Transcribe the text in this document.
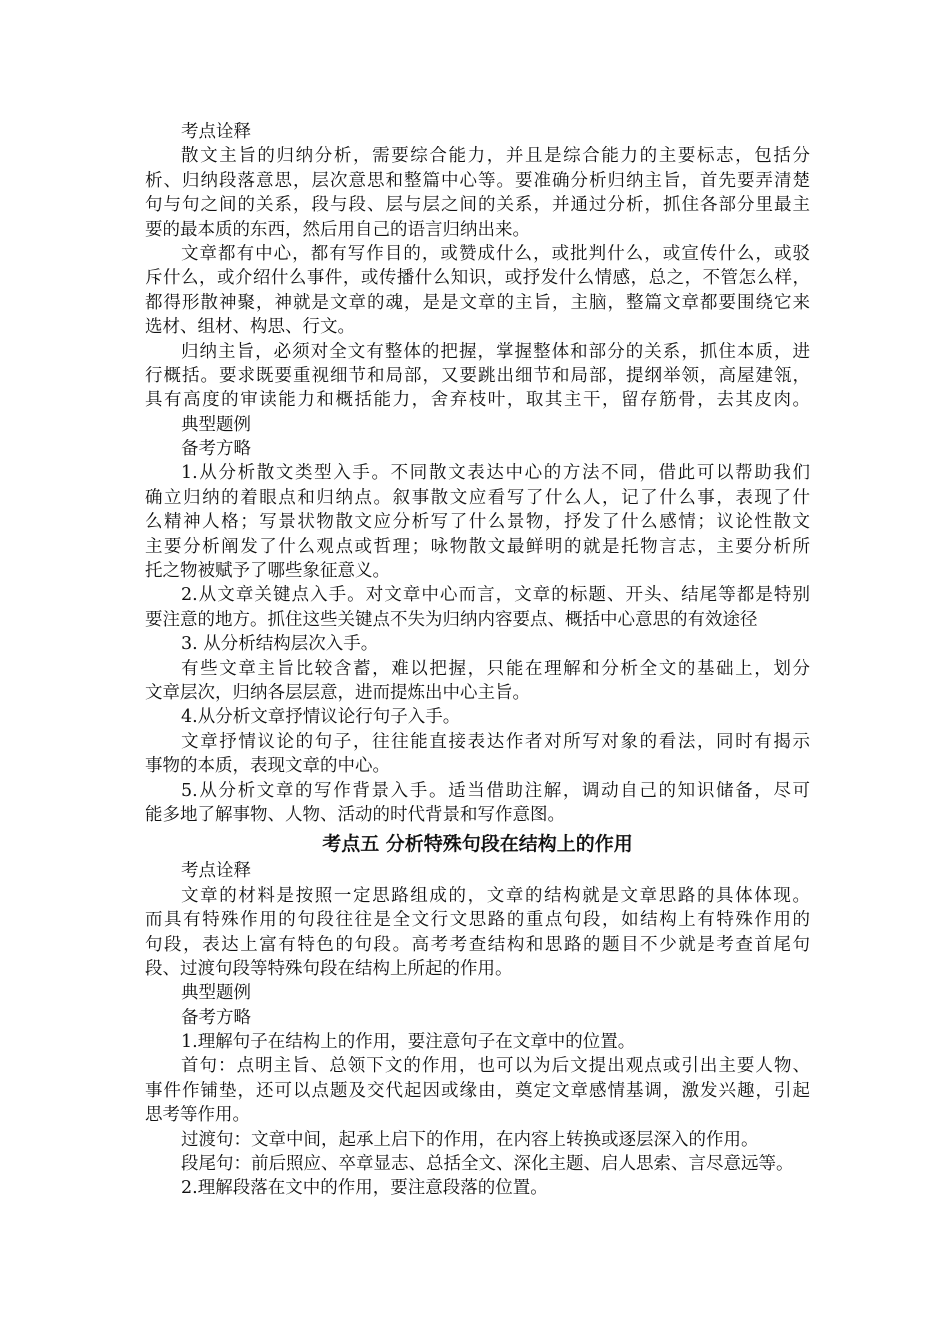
考点诠释
散文主旨的归纳分析，需要综合能力，并且是综合能力的主要标志，包括分
析、归纳段落意思，层次意思和整篇中心等。要准确分析归纳主旨，首先要弄清楚
句与句之间的关系，段与段、层与层之间的关系，并通过分析，抓住各部分里最主
要的最本质的东西，然后用自己的语言归纳出来。
文章都有中心，都有写作目的，或赞成什么，或批判什么，或宣传什么，或驳
斥什么，或介绍什么事件，或传播什么知识，或抒发什么情感，总之，不管怎么样，
都得形散神聚，神就是文章的魂，是是文章的主旨，主脑，整篇文章都要围绕它来
选材、组材、构思、行文。
归纳主旨，必须对全文有整体的把握，掌握整体和部分的关系，抓住本质，进
行概括。要求既要重视细节和局部，又要跳出细节和局部，提纲举领，高屋建瓴，
具有高度的审读能力和概括能力，舍弃枝叶，取其主干，留存筋骨，去其皮肉。
典型题例
备考方略
1.从分析散文类型入手。不同散文表达中心的方法不同，借此可以帮助我们
确立归纳的着眼点和归纳点。叙事散文应看写了什么人，记了什么事，表现了什
么精神人格；写景状物散文应分析写了什么景物，抒发了什么感情；议论性散文
主要分析阐发了什么观点或哲理；咏物散文最鲜明的就是托物言志，主要分析所
托之物被赋予了哪些象征意义。
2.从文章关键点入手。对文章中心而言，文章的标题、开头、结尾等都是特别
要注意的地方。抓住这些关键点不失为归纳内容要点、概括中心意思的有效途径
3. 从分析结构层次入手。
有些文章主旨比较含蓄，难以把握，只能在理解和分析全文的基础上，划分
文章层次，归纳各层层意，进而提炼出中心主旨。
4.从分析文章抒情议论行句子入手。
文章抒情议论的句子，往往能直接表达作者对所写对象的看法，同时有揭示
事物的本质，表现文章的中心。
5.从分析文章的写作背景入手。适当借助注解，调动自己的知识储备，尽可
能多地了解事物、人物、活动的时代背景和写作意图。
考点五 分析特殊句段在结构上的作用
考点诠释
文章的材料是按照一定思路组成的，文章的结构就是文章思路的具体体现。
而具有特殊作用的句段往往是全文行文思路的重点句段，如结构上有特殊作用的
句段，表达上富有特色的句段。高考考查结构和思路的题目不少就是考查首尾句
段、过渡句段等特殊句段在结构上所起的作用。
典型题例
备考方略
1.理解句子在结构上的作用，要注意句子在文章中的位置。
首句：点明主旨、总领下文的作用，也可以为后文提出观点或引出主要人物、
事件作铺垫，还可以点题及交代起因或缘由，奠定文章感情基调，激发兴趣，引起
思考等作用。
过渡句：文章中间，起承上启下的作用，在内容上转换或逐层深入的作用。
段尾句：前后照应、卒章显志、总括全文、深化主题、启人思索、言尽意远等。
2.理解段落在文中的作用，要注意段落的位置。
